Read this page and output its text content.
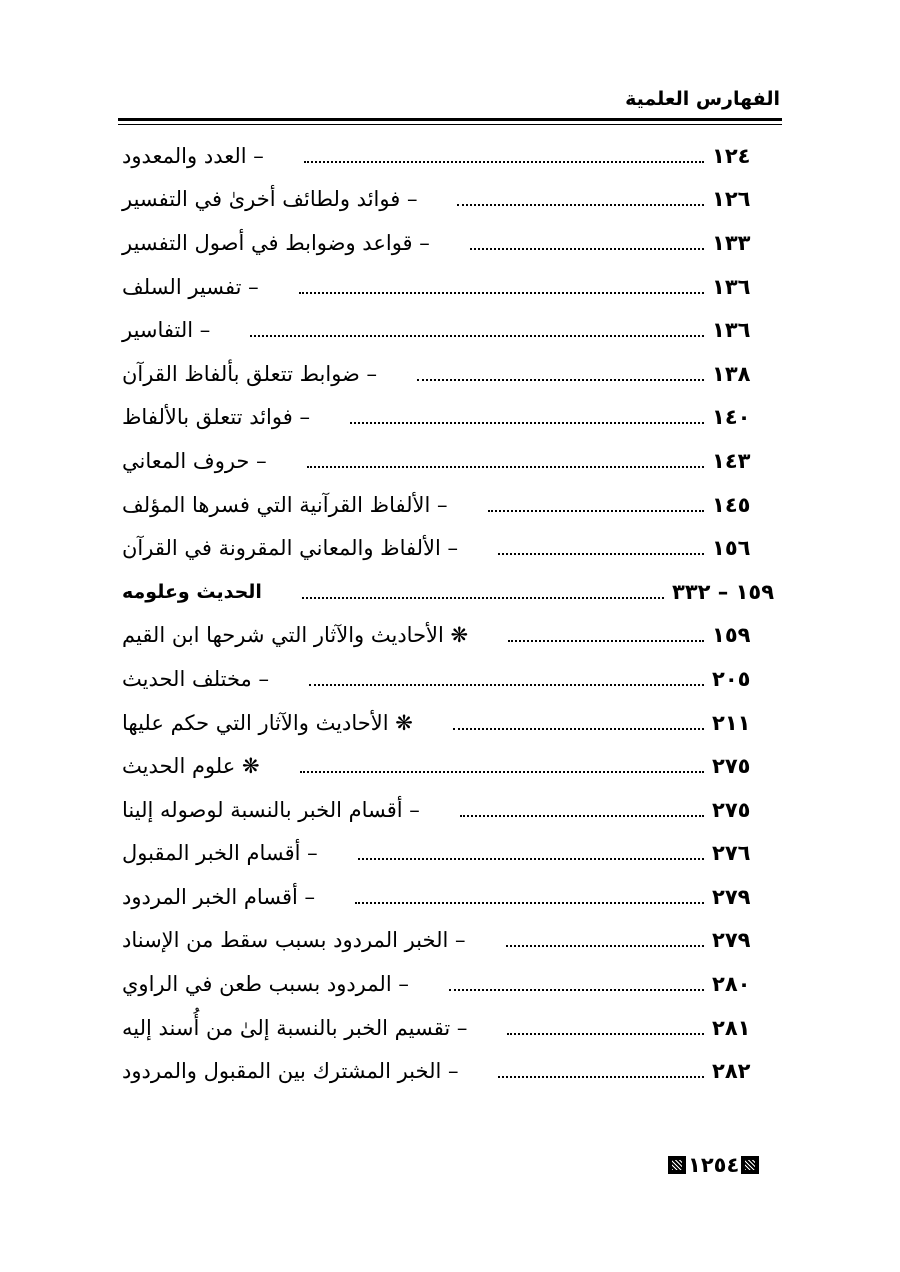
الفهارس العلمية
– العدد والمعدود	١٢٤
– فوائد ولطائف أخرىٰ في التفسير	١٢٦
– قواعد وضوابط في أصول التفسير	١٣٣
– تفسير السلف	١٣٦
– التفاسير	١٣٦
– ضوابط تتعلق بألفاظ القرآن	١٣٨
– فوائد تتعلق بالألفاظ	١٤٠
– حروف المعاني	١٤٣
– الألفاظ القرآنية التي فسرها المؤلف	١٤٥
– الألفاظ والمعاني المقرونة في القرآن	١٥٦
الحديث وعلومه	١٥٩ – ٣٣٢
❋ الأحاديث والآثار التي شرحها ابن القيم	١٥٩
– مختلف الحديث	٢٠٥
❋ الأحاديث والآثار التي حكم عليها	٢١١
❋ علوم الحديث	٢٧٥
– أقسام الخبر بالنسبة لوصوله إلينا	٢٧٥
– أقسام الخبر المقبول	٢٧٦
– أقسام الخبر المردود	٢٧٩
– الخبر المردود بسبب سقط من الإسناد	٢٧٩
– المردود بسبب طعن في الراوي	٢٨٠
– تقسيم الخبر بالنسبة إلىٰ من أُسند إليه	٢٨١
– الخبر المشترك بين المقبول والمردود	٢٨٢
١٢٥٤
